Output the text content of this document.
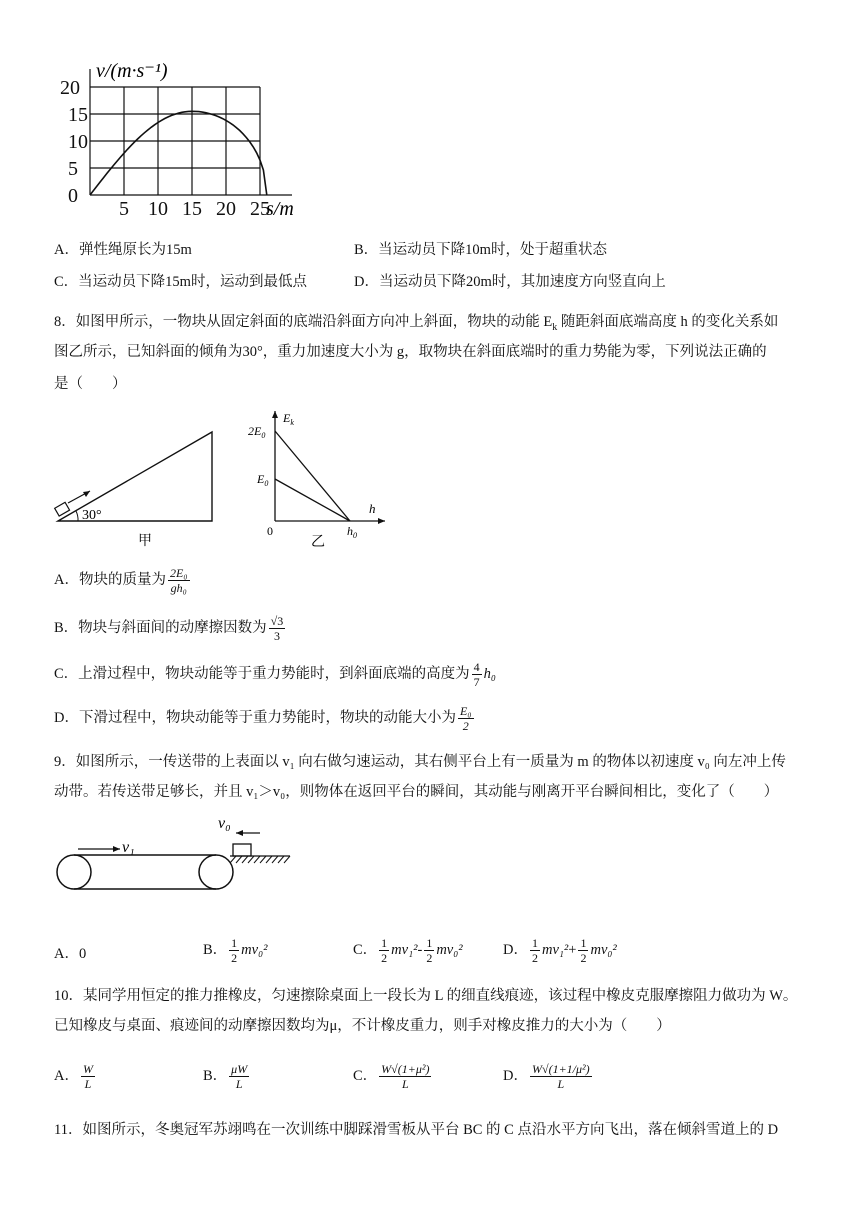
0
5
10
15
20
5 10 15 20 25
v/(m·s⁻¹)
s/m
A．弹性绳原长为15m	B．当运动员下降10m时，处于超重状态
C．当运动员下降15m时，运动到最低点	D．当运动员下降20m时，其加速度方向竖直向上
8．如图甲所示，一物块从固定斜面的底端沿斜面方向冲上斜面，物块的动能 $E_k$ 随距斜面底端高度 h 的变化关系如
图乙所示，已知斜面的倾角为30°，重力加速度大小为 g，取物块在斜面底端时的重力势能为零，下列说法正确的
是（　　）
30°
甲
$E_k$
$2E_0$
$E_0$
0
h
$h_0$
乙
A．物块的质量为 $\frac{\text{2E₀}}{\text{gh₀}}$
B．物块与斜面间的动摩擦因数为 $\frac{√3}{3}$
C．上滑过程中，物块动能等于重力势能时，到斜面底端的高度为 $\frac{4}{7} h_0$
D．下滑过程中，物块动能等于重力势能时，物块的动能大小为 $\frac{\text{E₀}}{2}$
9．如图所示，一传送带的上表面以 v₁ 向右做匀速运动，其右侧平台上有一质量为 m 的物体以初速度 v₀ 向左冲上传
动带。若传送带足够长，并且 v₁＞v₀，则物体在返回平台的瞬间，其动能与刚离开平台瞬间相比，变化了（　　）
v₁
v₀
A．0	B． $\frac{1}{2} mv_0^2$	C． $\frac{1}{2} mv_1^2- \frac{1}{2} mv_0^2$	D． $\frac{1}{2} mv_1^2+ \frac{1}{2} mv_0^2$
10．某同学用恒定的推力推橡皮，匀速擦除桌面上一段长为 L 的细直线痕迹，该过程中橡皮克服摩擦阻力做功为 W。
已知橡皮与桌面、痕迹间的动摩擦因数均为μ，不计橡皮重力，则手对橡皮推力的大小为（　　）
A． $\frac{W}{L}$	B． $\frac{\mu W}{L}$	C． $\frac{\text{W√(1+μ²)}}{L}$	D． $\frac{\text{W√(1+1/μ²)}}{L}$
11．如图所示，冬奥冠军苏翊鸣在一次训练中脚踩滑雪板从平台 BC 的 C 点沿水平方向飞出，落在倾斜雪道上的 D
